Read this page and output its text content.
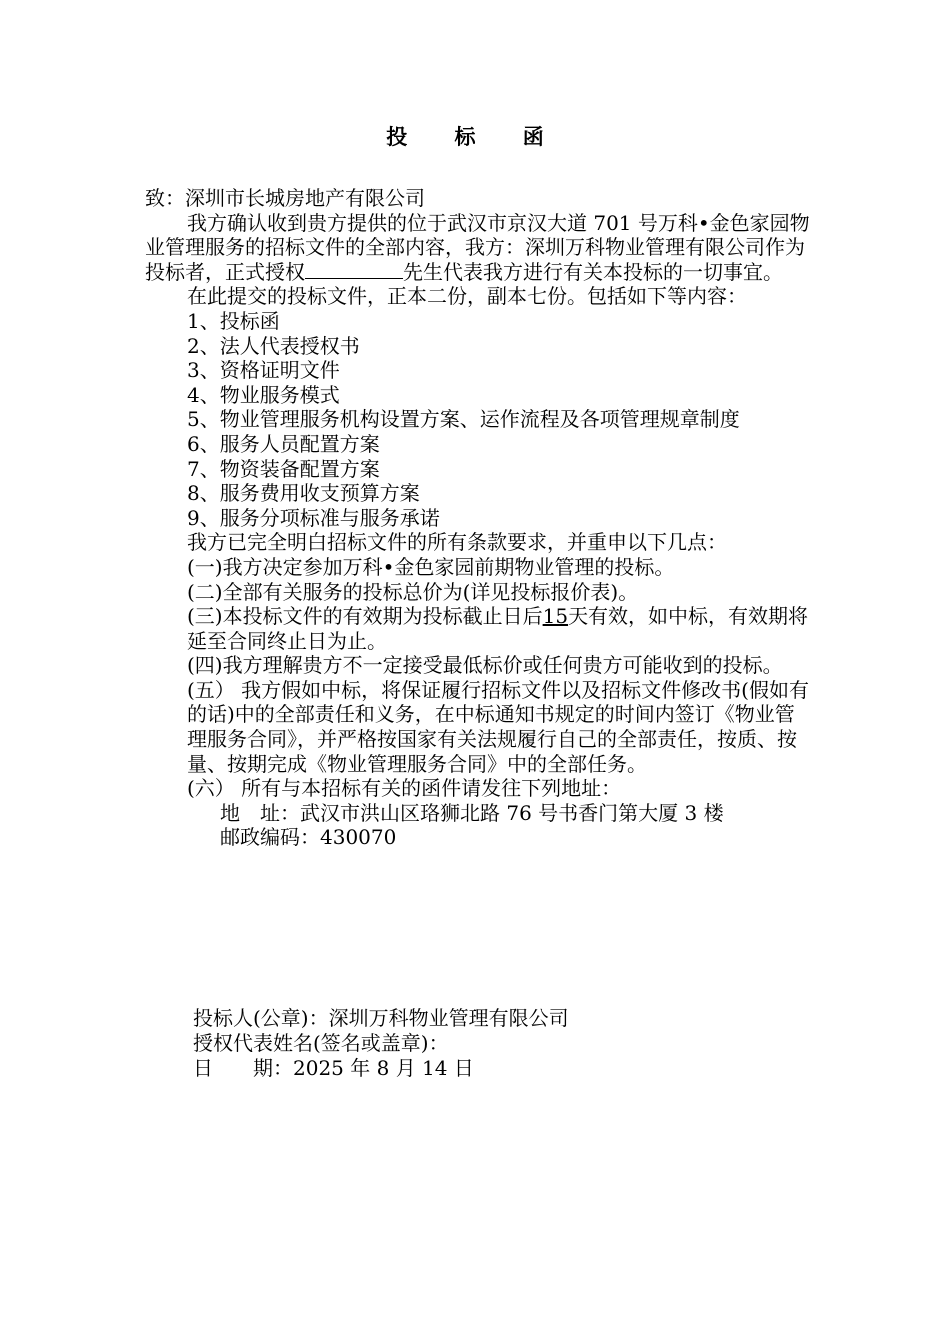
投 标 函
致：深圳市长城房地产有限公司
我方确认收到贵方提供的位于武汉市京汉大道 701 号万科•金色家园物业管理服务的招标文件的全部内容，我方：深圳万科物业管理有限公司作为投标者，正式授权	先生代表我方进行有关本投标的一切事宜。
在此提交的投标文件，正本二份，副本七份。包括如下等内容：
1、投标函
2、法人代表授权书
3、资格证明文件
4、物业服务模式
5、物业管理服务机构设置方案、运作流程及各项管理规章制度
6、服务人员配置方案
7、物资装备配置方案
8、服务费用收支预算方案
9、服务分项标准与服务承诺
我方已完全明白招标文件的所有条款要求，并重申以下几点：
(一)我方决定参加万科•金色家园前期物业管理的投标。
(二)全部有关服务的投标总价为(详见投标报价表)。
(三)本投标文件的有效期为投标截止日后15天有效，如中标，有效期将延至合同终止日为止。
(四)我方理解贵方不一定接受最低标价或任何贵方可能收到的投标。
(五） 我方假如中标，将保证履行招标文件以及招标文件修改书(假如有的话)中的全部责任和义务，在中标通知书规定的时间内签订《物业管理服务合同》，并严格按国家有关法规履行自己的全部责任，按质、按量、按期完成《物业管理服务合同》中的全部任务。
(六） 所有与本招标有关的函件请发往下列地址：
地　址：武汉市洪山区珞狮北路 76 号书香门第大厦 3 楼
邮政编码：430070
投标人(公章)：深圳万科物业管理有限公司
授权代表姓名(签名或盖章)：
日　　期：2025 年 8 月 14 日
